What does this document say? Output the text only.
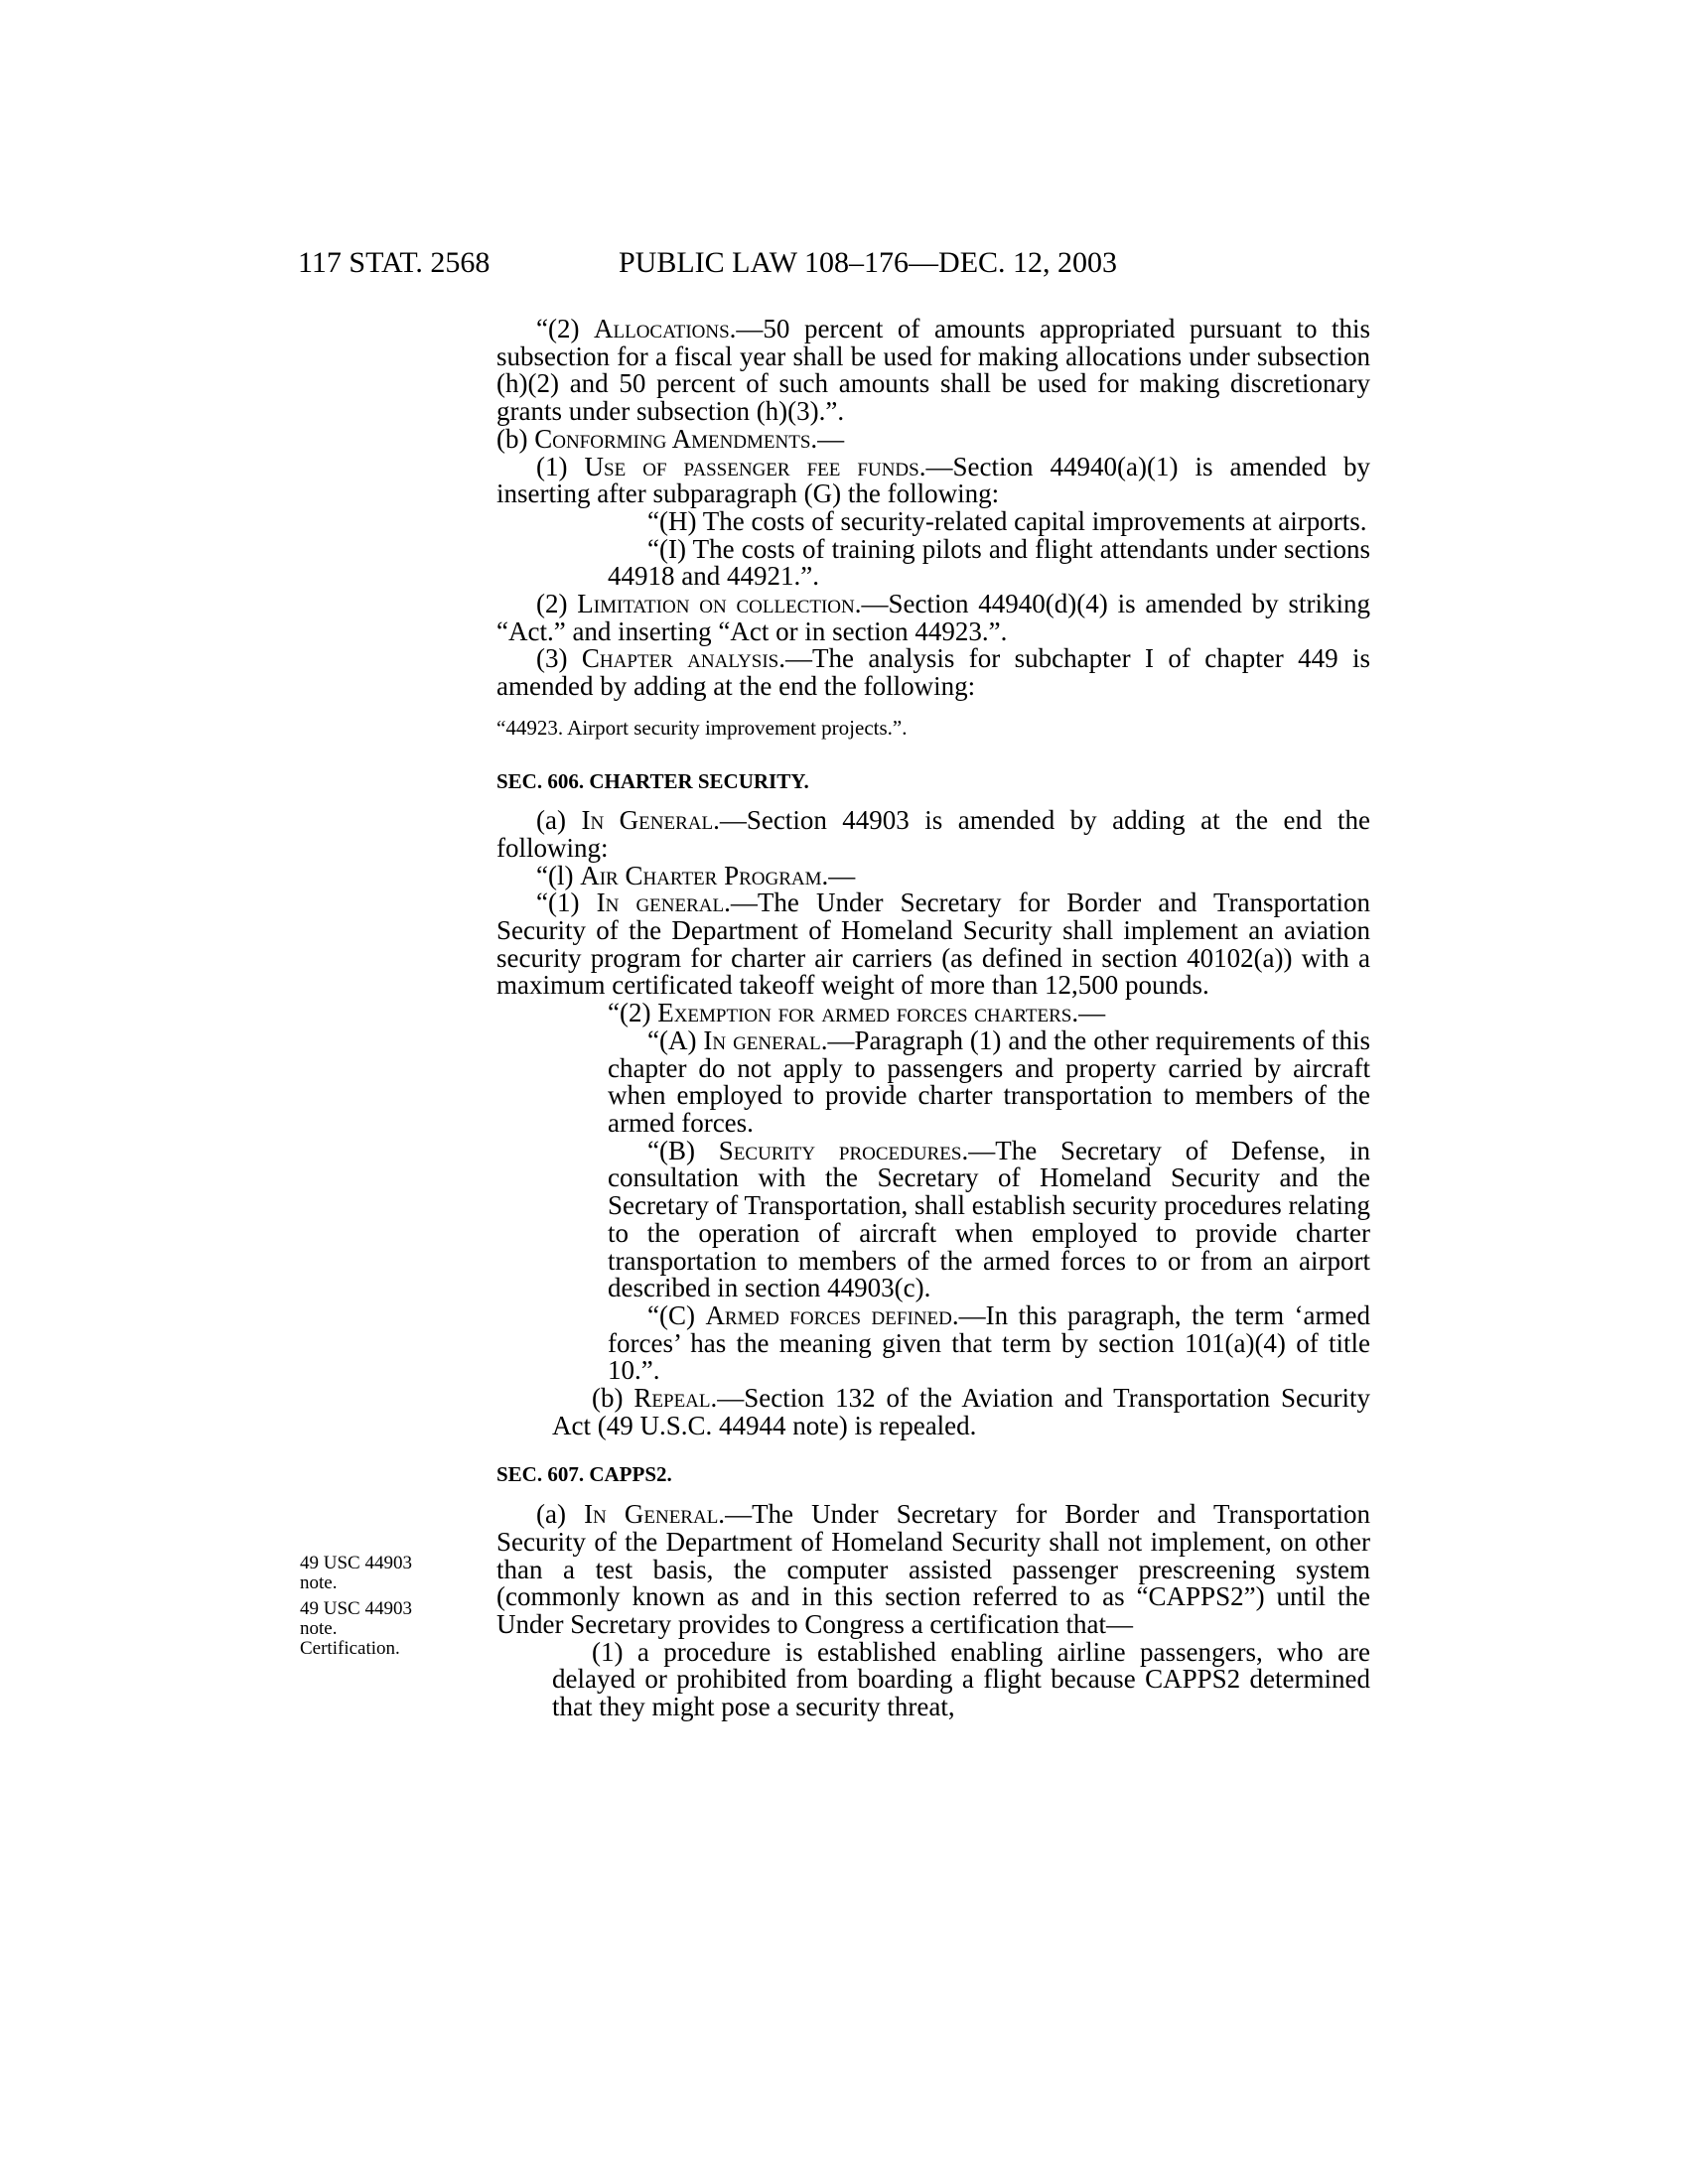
117 STAT. 2568	PUBLIC LAW 108–176—DEC. 12, 2003

“(2) Allocations.—50 percent of amounts appropriated pursuant to this subsection for a fiscal year shall be used for making allocations under subsection (h)(2) and 50 percent of such amounts shall be used for making discretionary grants under subsection (h)(3).”.

(b) Conforming Amendments.—

(1) Use of passenger fee funds.—Section 44940(a)(1) is amended by inserting after subparagraph (G) the following:

“(H) The costs of security-related capital improvements at airports.

“(I) The costs of training pilots and flight attendants under sections 44918 and 44921.”.

(2) Limitation on collection.—Section 44940(d)(4) is amended by striking “Act.” and inserting “Act or in section 44923.”.

(3) Chapter analysis.—The analysis for subchapter I of chapter 449 is amended by adding at the end the following:

“44923. Airport security improvement projects.”.

SEC. 606. CHARTER SECURITY.

(a) In General.—Section 44903 is amended by adding at the end the following:

“(l) Air Charter Program.—

“(1) In general.—The Under Secretary for Border and Transportation Security of the Department of Homeland Security shall implement an aviation security program for charter air carriers (as defined in section 40102(a)) with a maximum certificated takeoff weight of more than 12,500 pounds.

“(2) Exemption for armed forces charters.—

“(A) In general.—Paragraph (1) and the other requirements of this chapter do not apply to passengers and property carried by aircraft when employed to provide charter transportation to members of the armed forces.

“(B) Security procedures.—The Secretary of Defense, in consultation with the Secretary of Homeland Security and the Secretary of Transportation, shall establish security procedures relating to the operation of aircraft when employed to provide charter transportation to members of the armed forces to or from an airport described in section 44903(c).

“(C) Armed forces defined.—In this paragraph, the term ‘armed forces’ has the meaning given that term by section 101(a)(4) of title 10.”.

(b) Repeal.—Section 132 of the Aviation and Transportation Security Act (49 U.S.C. 44944 note) is repealed.

SEC. 607. CAPPS2.

(a) In General.—The Under Secretary for Border and Transportation Security of the Department of Homeland Security shall not implement, on other than a test basis, the computer assisted passenger prescreening system (commonly known as and in this section referred to as “CAPPS2”) until the Under Secretary provides to Congress a certification that—

(1) a procedure is established enabling airline passengers, who are delayed or prohibited from boarding a flight because CAPPS2 determined that they might pose a security threat,

49 USC 44903 note.
49 USC 44903 note.
Certification.
